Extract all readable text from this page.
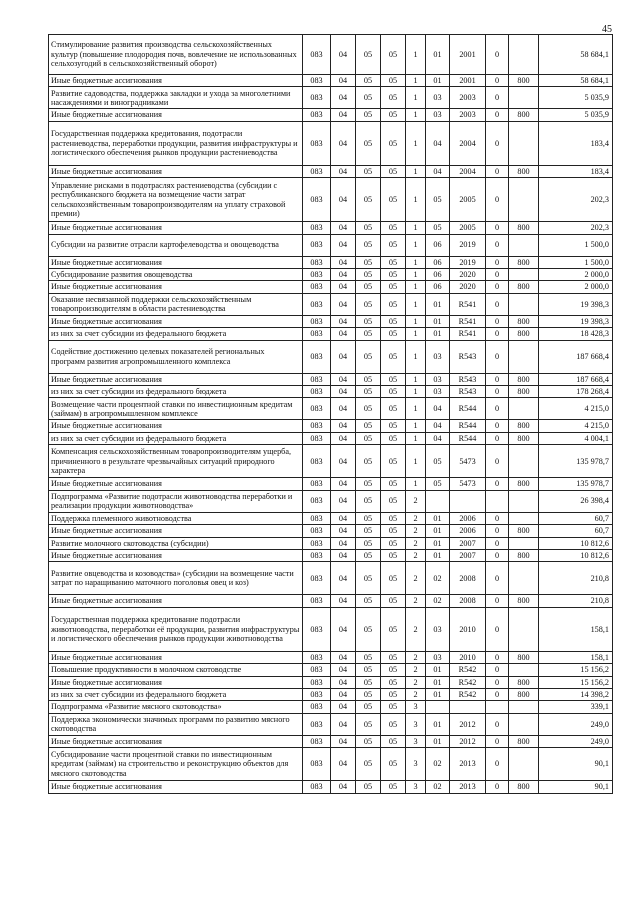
45
Стимулирование развития производства сельскохозяйственных культур (повышение плодородия почв, вовлечение не использованных сельхозугодий в сельскохозяйственный оборот)	083	04	05	05	1	01	2001	0		58 684,1
Иные бюджетные ассигнования	083	04	05	05	1	01	2001	0	800	58 684,1
Развитие садоводства, поддержка закладки и ухода за многолетними насаждениями и виноградниками	083	04	05	05	1	03	2003	0		5 035,9
Иные бюджетные ассигнования	083	04	05	05	1	03	2003	0	800	5 035,9
Государственная поддержка кредитования, подотрасли растениеводства, переработки продукции, развития инфраструктуры и логистического обеспечения рынков продукции растениеводства	083	04	05	05	1	04	2004	0		183,4
Иные бюджетные ассигнования	083	04	05	05	1	04	2004	0	800	183,4
Управление рисками в подотраслях растениеводства (субсидии с республиканского бюджета на возмещение части затрат сельскохозяйственным товаропроизводителям на уплату страховой премии)	083	04	05	05	1	05	2005	0		202,3
Иные бюджетные ассигнования	083	04	05	05	1	05	2005	0	800	202,3
Субсидии на развитие отрасли картофелеводства и овощеводства	083	04	05	05	1	06	2019	0		1 500,0
Иные бюджетные ассигнования	083	04	05	05	1	06	2019	0	800	1 500,0
Субсидирование развития овощеводства	083	04	05	05	1	06	2020	0		2 000,0
Иные бюджетные ассигнования	083	04	05	05	1	06	2020	0	800	2 000,0
Оказание несвязанной поддержки сельскохозяйственным товаропроизводителям в области растениеводства	083	04	05	05	1	01	R541	0		19 398,3
Иные бюджетные ассигнования	083	04	05	05	1	01	R541	0	800	19 398,3
из них за счет субсидии из федерального бюджета	083	04	05	05	1	01	R541	0	800	18 428,3
Содействие достижению целевых показателей региональных программ развития агропромышленного комплекса	083	04	05	05	1	03	R543	0		187 668,4
Иные бюджетные ассигнования	083	04	05	05	1	03	R543	0	800	187 668,4
из них за счет субсидии из федерального бюджета	083	04	05	05	1	03	R543	0	800	178 268,4
Возмещение части процентной ставки по инвестиционным кредитам (займам) в агропромышленном комплексе	083	04	05	05	1	04	R544	0		4 215,0
Иные бюджетные ассигнования	083	04	05	05	1	04	R544	0	800	4 215,0
из них за счет субсидии из федерального бюджета	083	04	05	05	1	04	R544	0	800	4 004,1
Компенсация сельскохозяйственным товаропроизводителям ущерба, причиненного в результате чрезвычайных ситуаций природного характера	083	04	05	05	1	05	5473	0		135 978,7
Иные бюджетные ассигнования	083	04	05	05	1	05	5473	0	800	135 978,7
Подпрограмма «Развитие подотрасли животноводства переработки и реализации продукции животноводства»	083	04	05	05	2					26 398,4
Поддержка племенного животноводства	083	04	05	05	2	01	2006	0		60,7
Иные бюджетные ассигнования	083	04	05	05	2	01	2006	0	800	60,7
Развитие молочного скотоводства (субсидии)	083	04	05	05	2	01	2007	0		10 812,6
Иные бюджетные ассигнования	083	04	05	05	2	01	2007	0	800	10 812,6
Развитие овцеводства и козоводства» (субсидии на возмещение части затрат по наращиванию маточного поголовья овец и коз)	083	04	05	05	2	02	2008	0		210,8
Иные бюджетные ассигнования	083	04	05	05	2	02	2008	0	800	210,8
Государственная поддержка кредитование подотрасли животноводства, переработки её продукции, развития инфраструктуры и логистического обеспечения рынков продукции животноводства	083	04	05	05	2	03	2010	0		158,1
Иные бюджетные ассигнования	083	04	05	05	2	03	2010	0	800	158,1
Повышение продуктивности в молочном скотоводстве	083	04	05	05	2	01	R542	0		15 156,2
Иные бюджетные ассигнования	083	04	05	05	2	01	R542	0	800	15 156,2
из них за счет субсидии из федерального бюджета	083	04	05	05	2	01	R542	0	800	14 398,2
Подпрограмма «Развитие мясного скотоводства»	083	04	05	05	3					339,1
Поддержка экономически значимых программ по развитию мясного скотоводства	083	04	05	05	3	01	2012	0		249,0
Иные бюджетные ассигнования	083	04	05	05	3	01	2012	0	800	249,0
Субсидирование части процентной ставки по инвестиционным кредитам (займам) на строительство и реконструкцию объектов для мясного скотоводства	083	04	05	05	3	02	2013	0		90,1
Иные бюджетные ассигнования	083	04	05	05	3	02	2013	0	800	90,1
